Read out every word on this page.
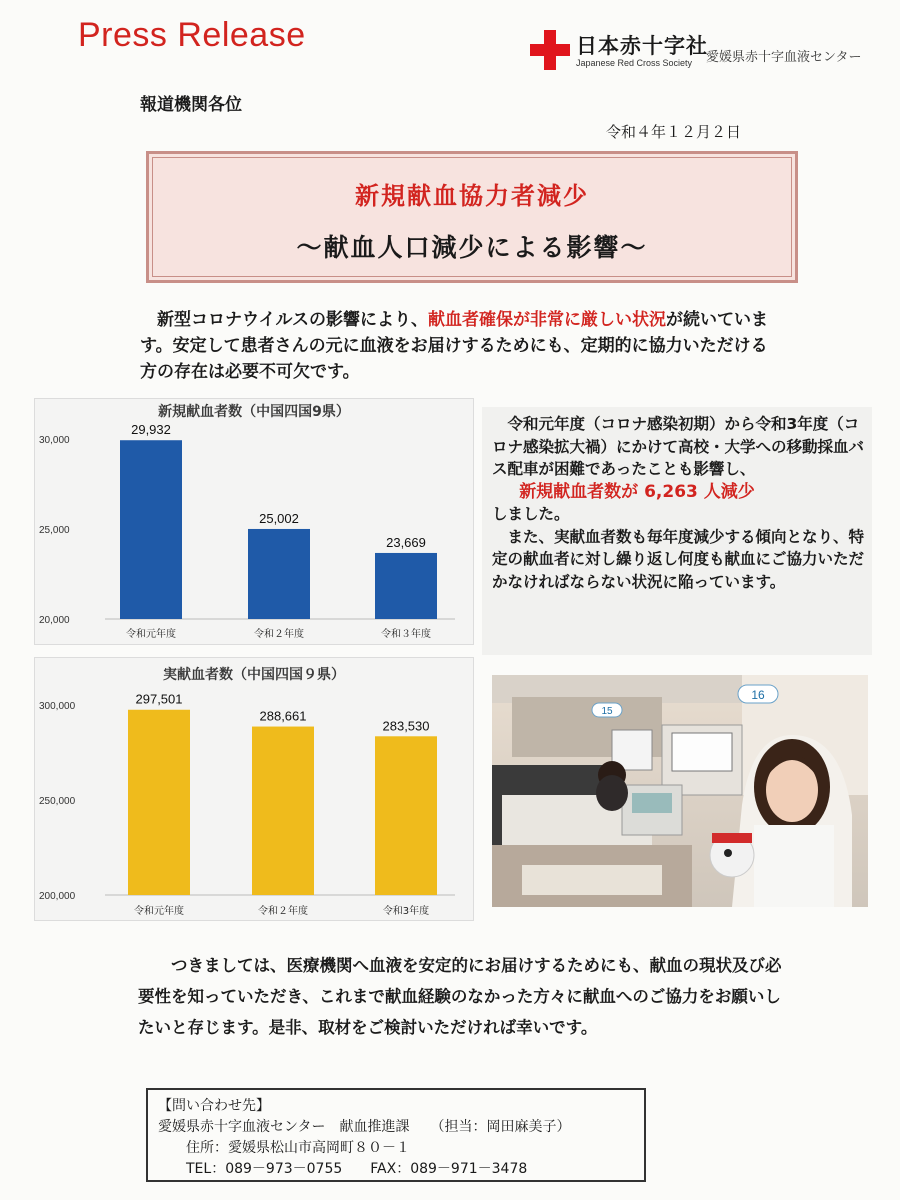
Press Release	日本赤十字社
Japanese Red Cross Society 愛媛県赤十字血液センター
報道機関各位
令和４年１２月２日
新規献血協力者減少
～献血人口減少による影響～
新型コロナウイルスの影響により、献血者確保が非常に厳しい状況が続いています。安定して患者さんの元に血液をお届けするためにも、定期的に協力いただける方の存在は必要不可欠です。
新規献血者数（中国四国9県）
20,000
25,000
30,000
29,932
令和元年度
25,002
令和２年度
23,669
令和３年度
実献血者数（中国四国９県）
200,000
250,000
300,000	297,501
令和元年度
288,661
令和２年度
283,530
令和3年度

令和元年度（コロナ感染初期）から令和3年度（コロナ感染拡大禍）にかけて高校・大学への移動採血バス配車が困難であったことも影響し、

新規献血者数が 6,263 人減少

しました。

また、実献血者数も毎年度減少する傾向となり、特定の献血者に対し繰り返し何度も献血にご協力いただかなければならない状況に陥っています。

16
15
つきましては、医療機関へ血液を安定的にお届けするためにも、献血の現状及び必要性を知っていただき、これまで献血経験のなかった方々に献血へのご協力をお願いしたいと存じます。是非、取材をご検討いただければ幸いです。
【問い合わせ先】
愛媛県赤十字血液センター　献血推進課　　（担当：岡田麻美子）
住所：愛媛県松山市高岡町８０－１
TEL：089－973－0755　　FAX：089－971－3478
